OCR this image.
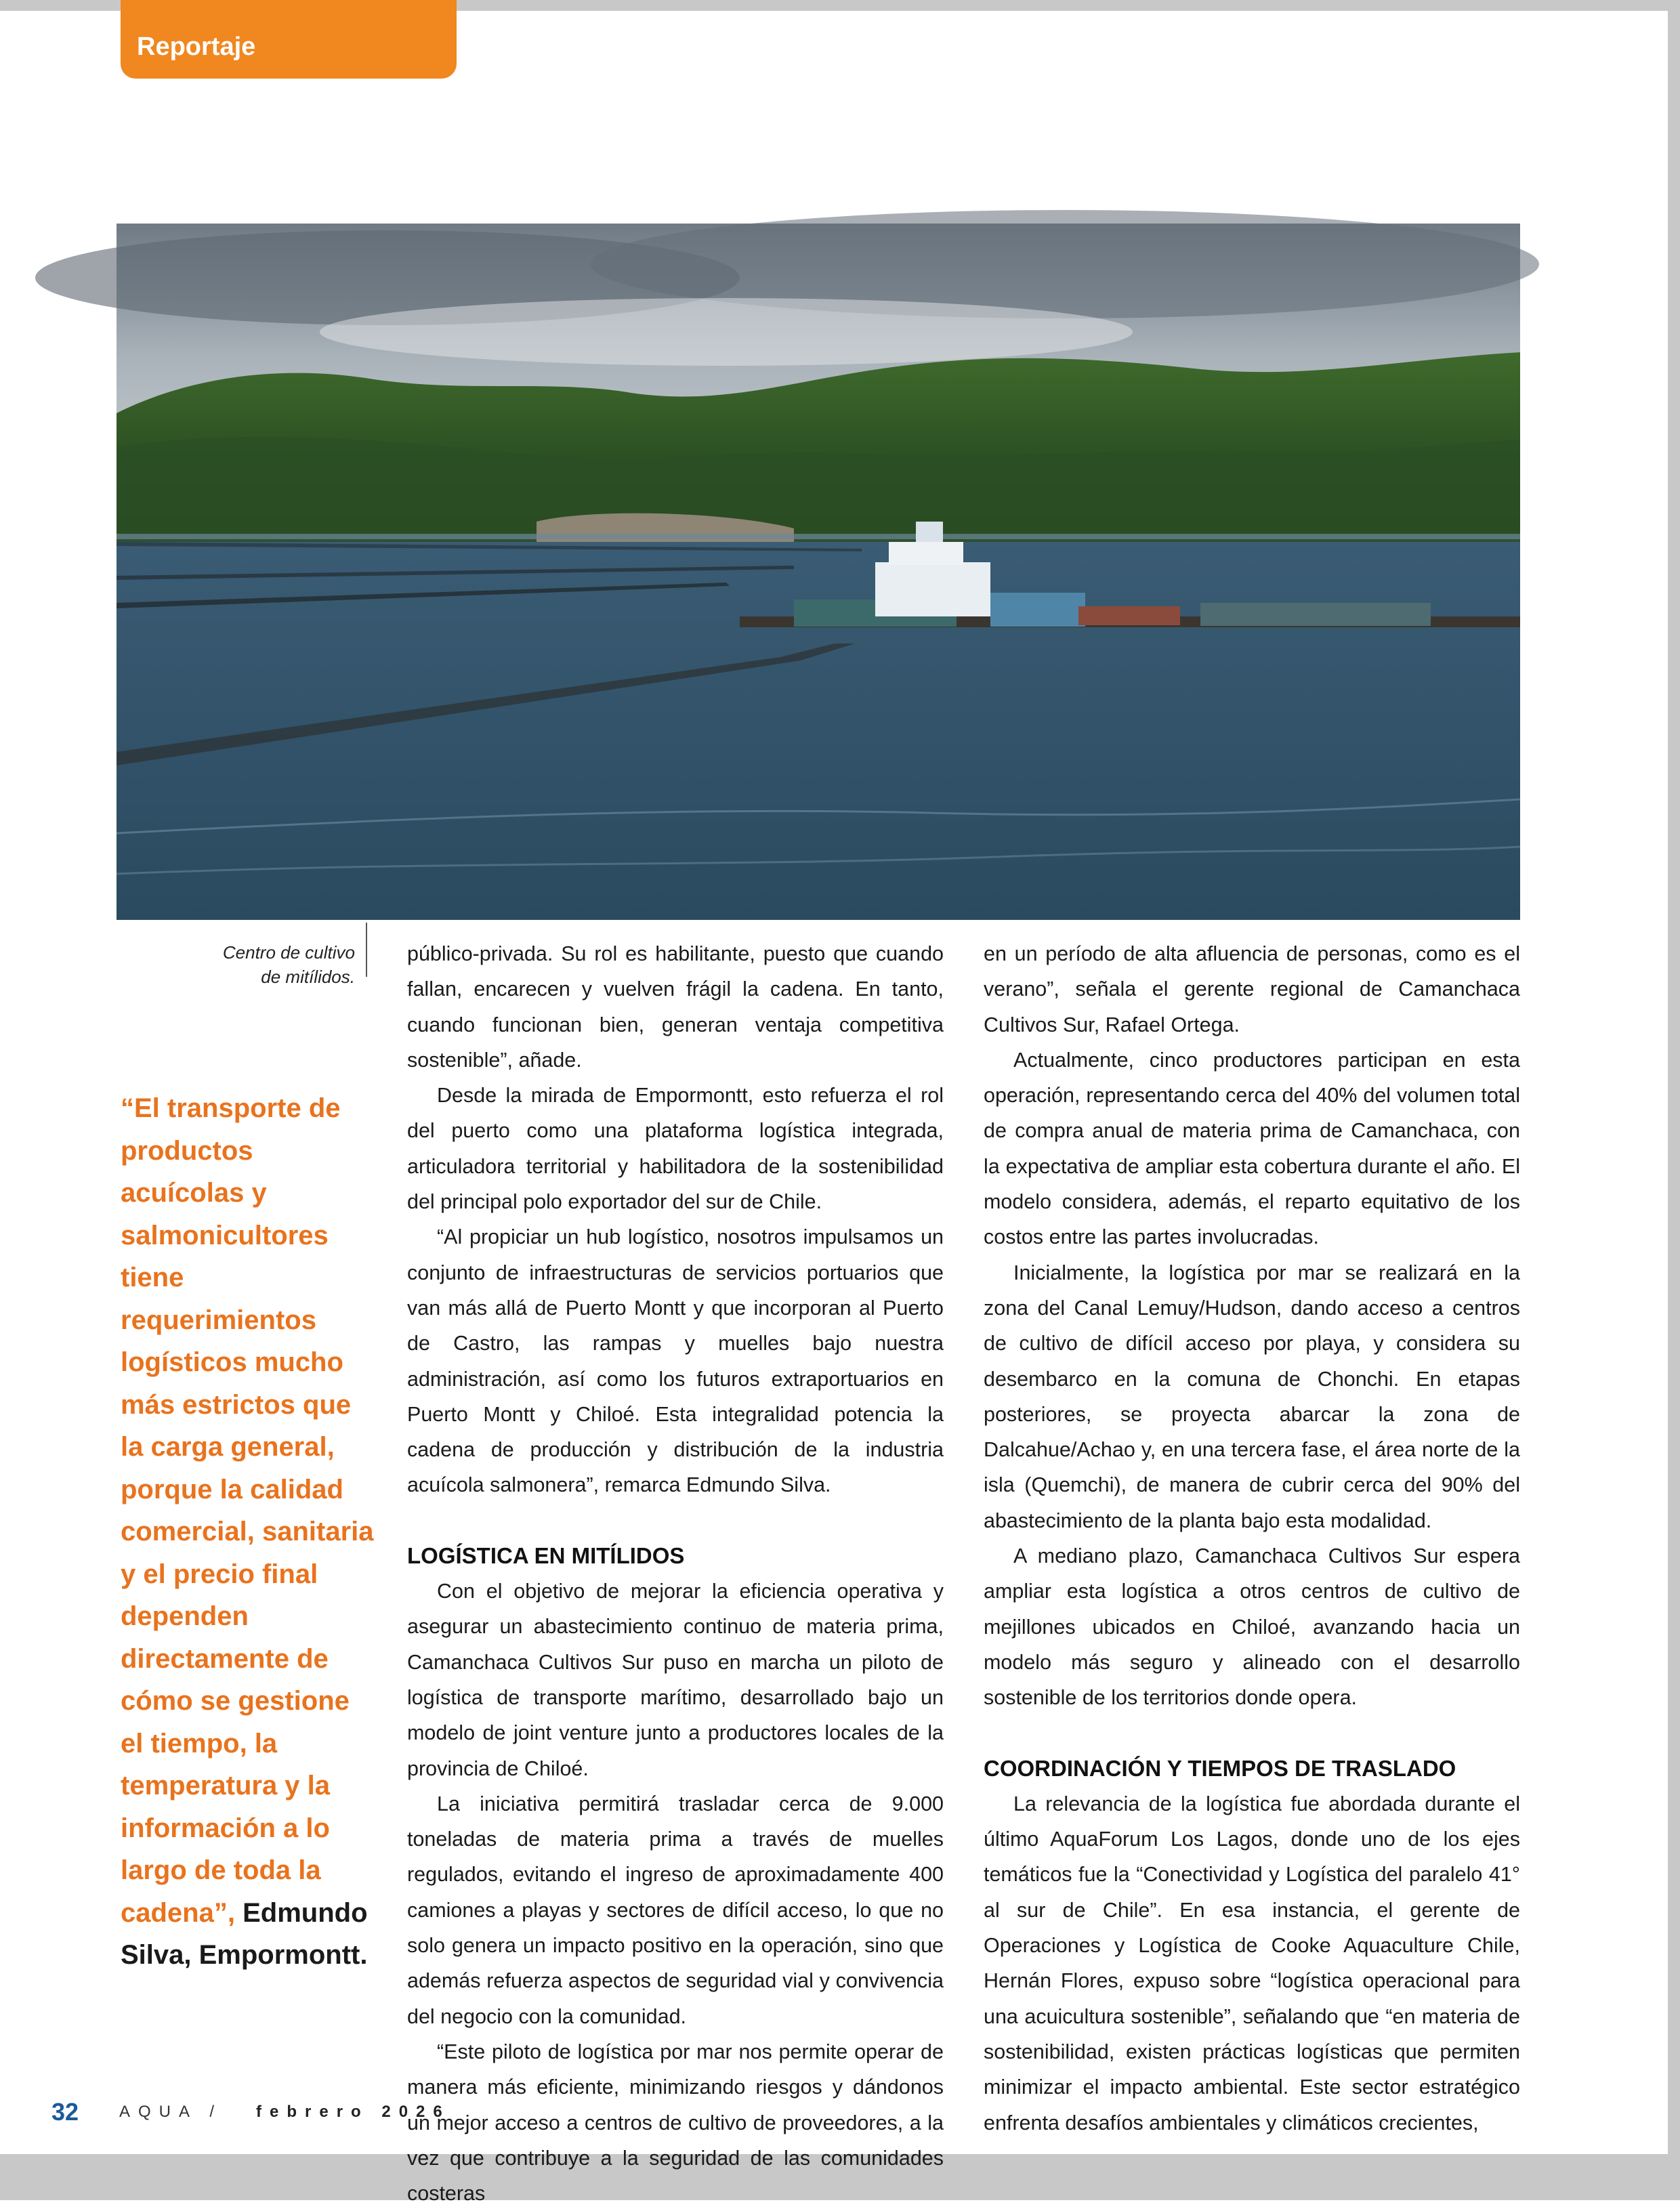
Reportaje
Fotografía: Camanchaca Cultivos Sur.
Centro de cultivo
de mitílidos.
“El transporte de productos acuícolas y salmonicultores tiene requerimientos logísticos mucho más estrictos que la carga general, porque la calidad comercial, sanitaria y el precio final dependen directamente de cómo se gestione el tiempo, la temperatura y la información a lo largo de toda la cadena”, Edmundo Silva, Empormontt.

público-privada. Su rol es habilitante, puesto que cuando fallan, encarecen y vuelven frágil la cadena. En tanto, cuando funcionan bien, generan ventaja competitiva sostenible”, añade.

Desde la mirada de Empormontt, esto refuerza el rol del puerto como una plataforma logística integrada, articuladora territorial y habilitadora de la sostenibilidad del principal polo exportador del sur de Chile.

“Al propiciar un hub logístico, nosotros impulsamos un conjunto de infraestructuras de servicios portuarios que van más allá de Puerto Montt y que incorporan al Puerto de Castro, las rampas y muelles bajo nuestra administración, así como los futuros extraportuarios en Puerto Montt y Chiloé. Esta integralidad potencia la cadena de producción y distribución de la industria acuícola salmonera”, remarca Edmundo Silva.

LOGÍSTICA EN MITÍLIDOS

Con el objetivo de mejorar la eficiencia operativa y asegurar un abastecimiento continuo de materia prima, Camanchaca Cultivos Sur puso en marcha un piloto de logística de transporte marítimo, desarrollado bajo un modelo de joint venture junto a productores locales de la provincia de Chiloé.

La iniciativa permitirá trasladar cerca de 9.000 toneladas de materia prima a través de muelles regulados, evitando el ingreso de aproximadamente 400 camiones a playas y sectores de difícil acceso, lo que no solo genera un impacto positivo en la operación, sino que además refuerza aspectos de seguridad vial y convivencia del negocio con la comunidad.

“Este piloto de logística por mar nos permite operar de manera más eficiente, minimizando riesgos y dándonos un mejor acceso a centros de cultivo de proveedores, a la vez que contribuye a la seguridad de las comunidades costeras

en un período de alta afluencia de personas, como es el verano”, señala el gerente regional de Camanchaca Cultivos Sur, Rafael Ortega.

Actualmente, cinco productores participan en esta operación, representando cerca del 40% del volumen total de compra anual de materia prima de Camanchaca, con la expectativa de ampliar esta cobertura durante el año. El modelo considera, además, el reparto equitativo de los costos entre las partes involucradas.

Inicialmente, la logística por mar se realizará en la zona del Canal Lemuy/Hudson, dando acceso a centros de cultivo de difícil acceso por playa, y considera su desembarco en la comuna de Chonchi. En etapas posteriores, se proyecta abarcar la zona de Dalcahue/Achao y, en una tercera fase, el área norte de la isla (Quemchi), de manera de cubrir cerca del 90% del abastecimiento de la planta bajo esta modalidad.

A mediano plazo, Camanchaca Cultivos Sur espera ampliar esta logística a otros centros de cultivo de mejillones ubicados en Chiloé, avanzando hacia un modelo más seguro y alineado con el desarrollo sostenible de los territorios donde opera.

COORDINACIÓN Y TIEMPOS DE TRASLADO

La relevancia de la logística fue abordada durante el último AquaForum Los Lagos, donde uno de los ejes temáticos fue la “Conectividad y Logística del paralelo 41° al sur de Chile”. En esa instancia, el gerente de Operaciones y Logística de Cooke Aquaculture Chile, Hernán Flores, expuso sobre “logística operacional para una acuicultura sostenible”, señalando que “en materia de sostenibilidad, existen prácticas logísticas que permiten minimizar el impacto ambiental. Este sector estratégico enfrenta desafíos ambientales y climáticos crecientes,

32 AQUA / febrero 2026
